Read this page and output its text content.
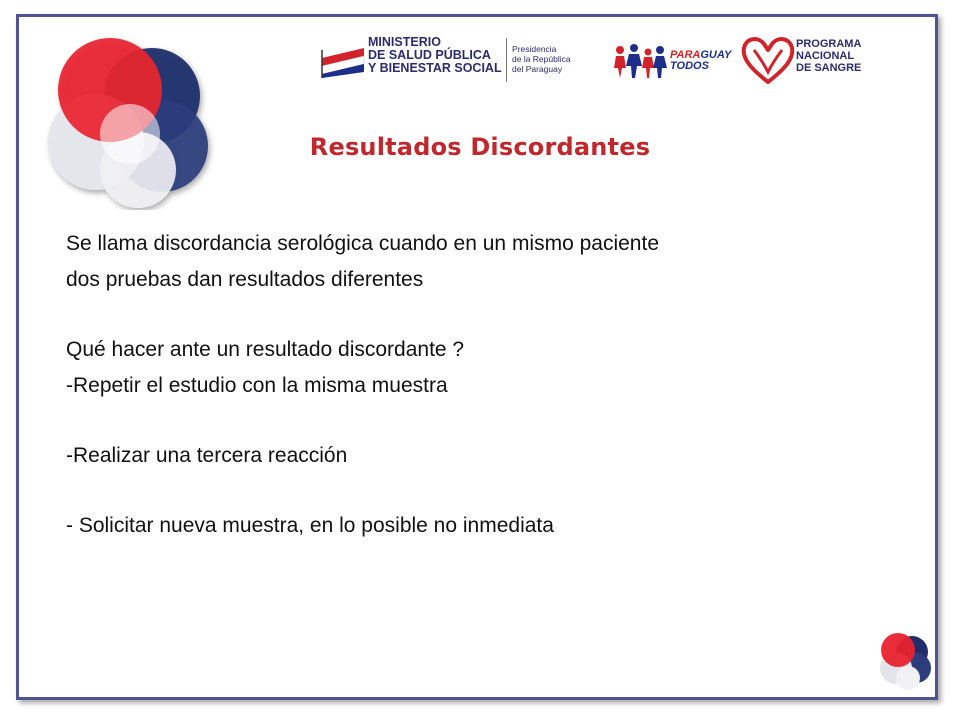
MINISTERIO
DE SALUD PÚBLICA
Y BIENESTAR SOCIAL
Presidencia
de la República
del Paraguay
PARAGUAY
TODOS
PROGRAMA
NACIONAL
DE SANGRE
Resultados Discordantes

Se llama discordancia serológica cuando en un mismo paciente

dos pruebas dan resultados diferentes

Qué hacer ante un resultado discordante ?

-Repetir el estudio con la misma muestra

-Realizar una tercera reacción

- Solicitar nueva muestra, en lo posible no inmediata
